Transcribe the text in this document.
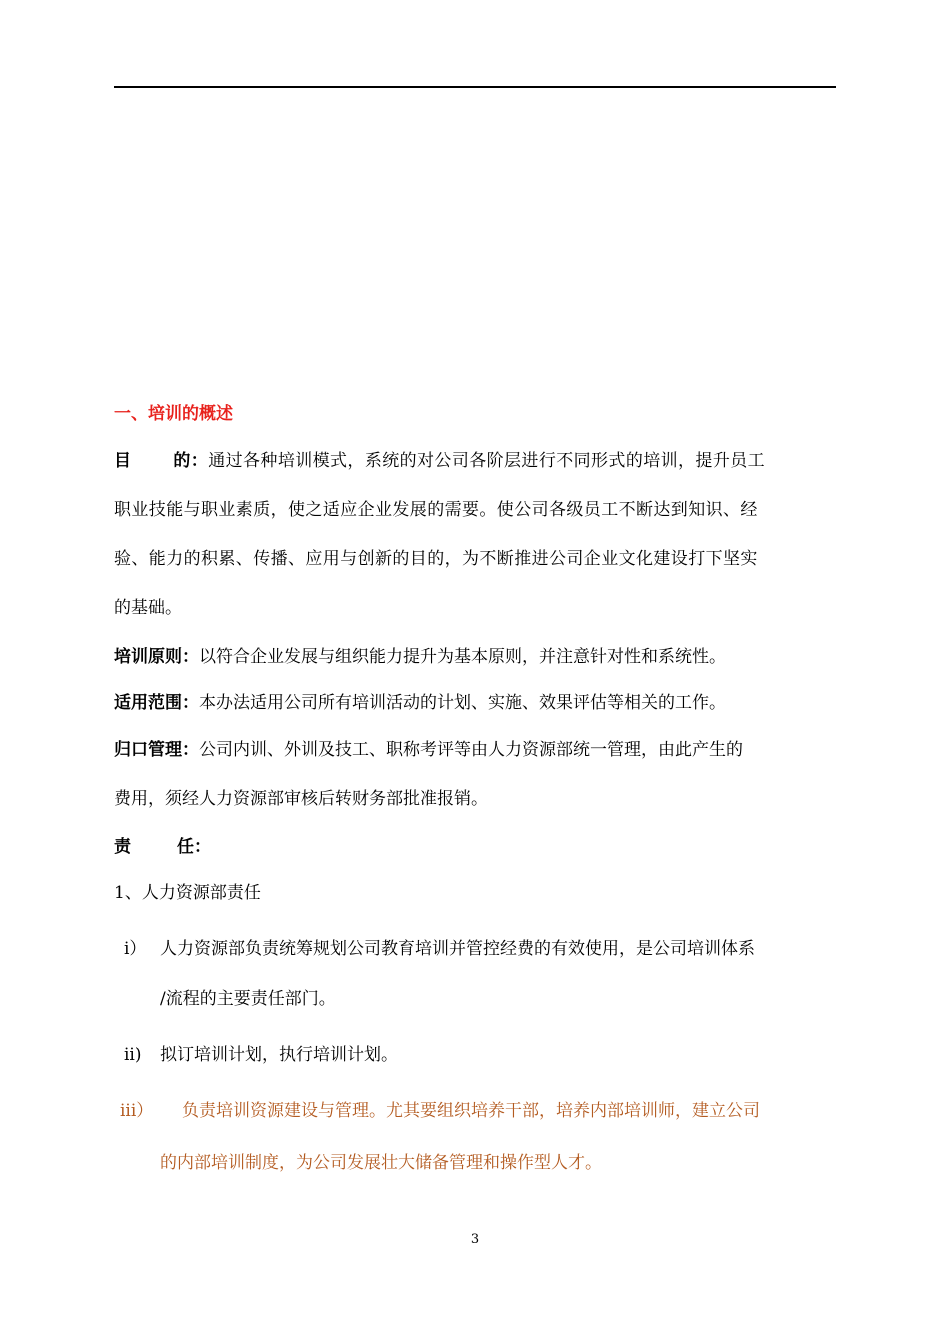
一、培训的概述
目 的：通过各种培训模式，系统的对公司各阶层进行不同形式的培训，提升员工
职业技能与职业素质，使之适应企业发展的需要。使公司各级员工不断达到知识、经
验、能力的积累、传播、应用与创新的目的，为不断推进公司企业文化建设打下坚实
的基础。
培训原则：以符合企业发展与组织能力提升为基本原则，并注意针对性和系统性。
适用范围：本办法适用公司所有培训活动的计划、实施、效果评估等相关的工作。
归口管理：公司内训、外训及技工、职称考评等由人力资源部统一管理，由此产生的
费用，须经人力资源部审核后转财务部批准报销。
责	任：
1、人力资源部责任
i） 人力资源部负责统筹规划公司教育培训并管控经费的有效使用，是公司培训体系
/流程的主要责任部门。
ii) 拟订培训计划，执行培训计划。
iii） 负责培训资源建设与管理。尤其要组织培养干部，培养内部培训师，建立公司
的内部培训制度，为公司发展壮大储备管理和操作型人才。
3
